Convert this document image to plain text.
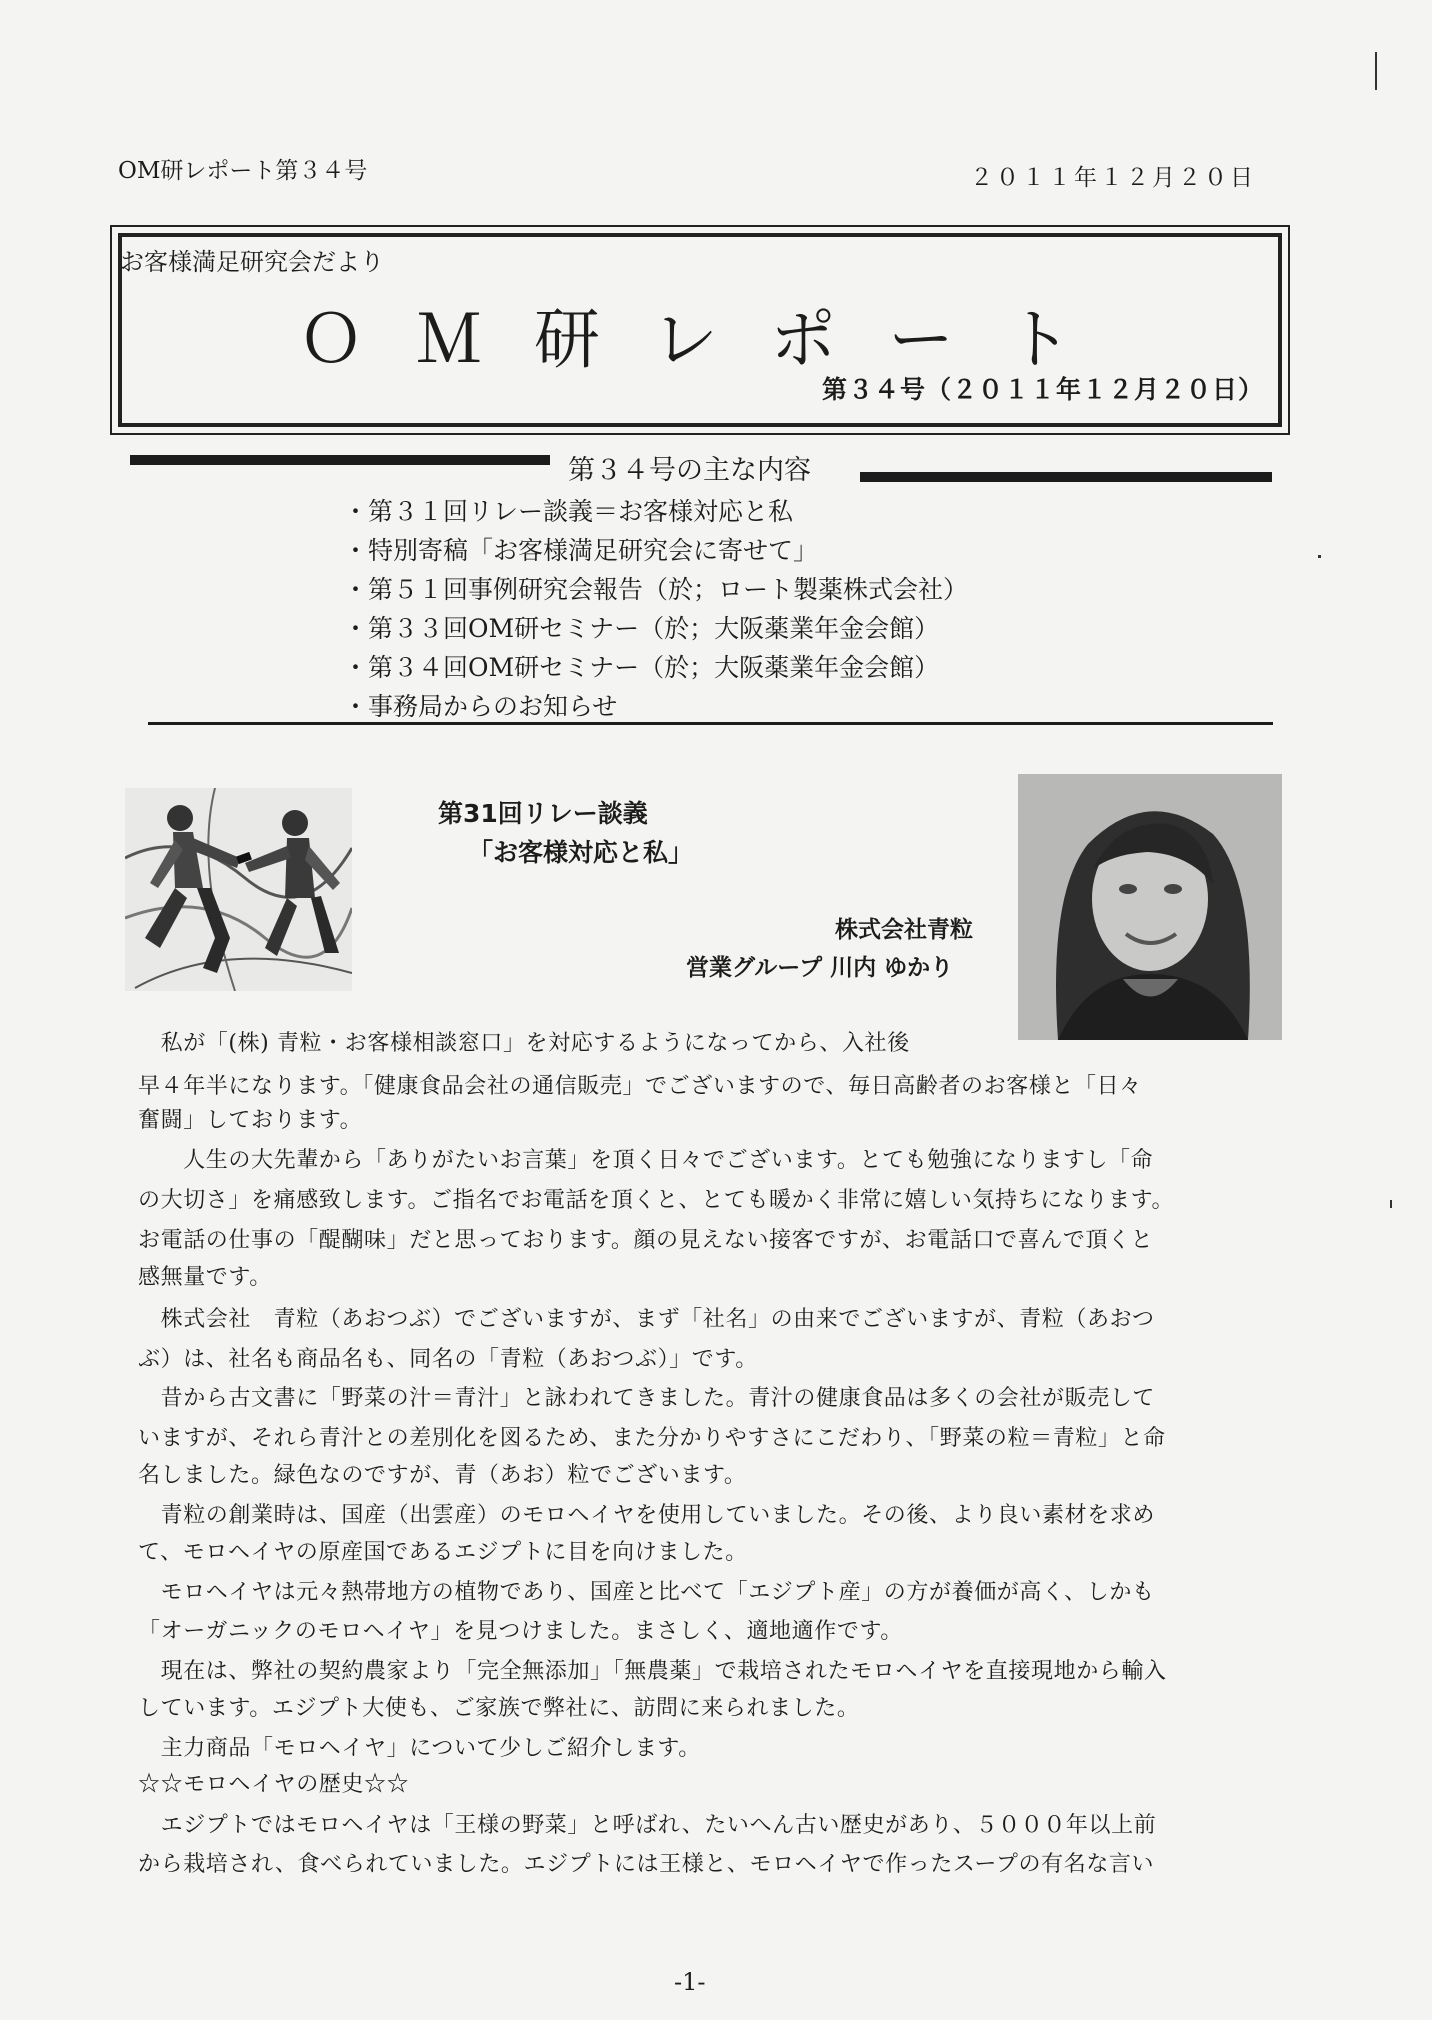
OM研レポート第３４号	２０１１年１２月２０日
お客様満足研究会だより
ＯＭ研レポート
第３４号（２０１１年１２月２０日）
第３４号の主な内容
・第３１回リレー談義＝お客様対応と私
・特別寄稿「お客様満足研究会に寄せて」
・第５１回事例研究会報告（於；ロート製薬株式会社）
・第３３回OM研セミナー（於；大阪薬業年金会館）
・第３４回OM研セミナー（於；大阪薬業年金会館）
・事務局からのお知らせ
第31回リレー談義
「お客様対応と私」
株式会社青粒
営業グループ 川内 ゆかり
　私が「(株) 青粒・お客様相談窓口」を対応するようになってから、入社後
早４年半になります。「健康食品会社の通信販売」でございますので、毎日高齢者のお客様と「日々
奮闘」しております。
　　人生の大先輩から「ありがたいお言葉」を頂く日々でございます。とても勉強になりますし「命
の大切さ」を痛感致します。ご指名でお電話を頂くと、とても暖かく非常に嬉しい気持ちになります。
お電話の仕事の「醍醐味」だと思っております。顔の見えない接客ですが、お電話口で喜んで頂くと
感無量です。
　株式会社　青粒（あおつぶ）でございますが、まず「社名」の由来でございますが、青粒（あおつ
ぶ）は、社名も商品名も、同名の「青粒（あおつぶ）」です。
　昔から古文書に「野菜の汁＝青汁」と詠われてきました。青汁の健康食品は多くの会社が販売して
いますが、それら青汁との差別化を図るため、また分かりやすさにこだわり、「野菜の粒＝青粒」と命
名しました。緑色なのですが、青（あお）粒でございます。
　青粒の創業時は、国産（出雲産）のモロヘイヤを使用していました。その後、より良い素材を求め
て、モロヘイヤの原産国であるエジプトに目を向けました。
　モロヘイヤは元々熱帯地方の植物であり、国産と比べて「エジプト産」の方が養価が高く、しかも
「オーガニックのモロヘイヤ」を見つけました。まさしく、適地適作です。
　現在は、弊社の契約農家より「完全無添加」「無農薬」で栽培されたモロヘイヤを直接現地から輸入
しています。エジプト大使も、ご家族で弊社に、訪問に来られました。
　主力商品「モロヘイヤ」について少しご紹介します。
☆☆モロヘイヤの歴史☆☆
　エジプトではモロヘイヤは「王様の野菜」と呼ばれ、たいへん古い歴史があり、５０００年以上前
から栽培され、食べられていました。エジプトには王様と、モロヘイヤで作ったスープの有名な言い
-1-
